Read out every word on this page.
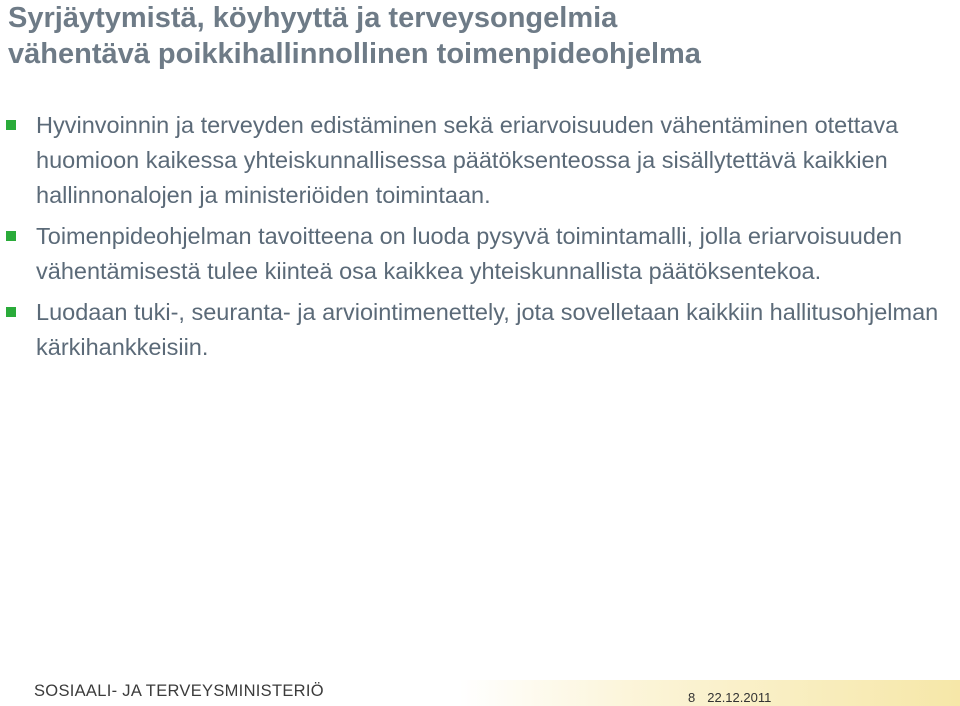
Syrjäytymistä, köyhyyttä ja terveysongelmia
vähentävä poikkihallinnollinen toimenpideohjelma
Hyvinvoinnin ja terveyden edistäminen sekä eriarvoisuuden vähentäminen otettava huomioon kaikessa yhteiskunnallisessa päätöksenteossa ja sisällytettävä kaikkien hallinnonalojen ja ministeriöiden toimintaan.
Toimenpideohjelman tavoitteena on luoda pysyvä toimintamalli, jolla eriarvoisuuden vähentämisestä tulee kiinteä osa kaikkea yhteiskunnallista päätöksentekoa.
Luodaan tuki-, seuranta- ja arviointimenettely, jota sovelletaan kaikkiin hallitusohjelman kärkihankkeisiin.
SOSIAALI- JA TERVEYSMINISTERIÖ	8 22.12.2011
